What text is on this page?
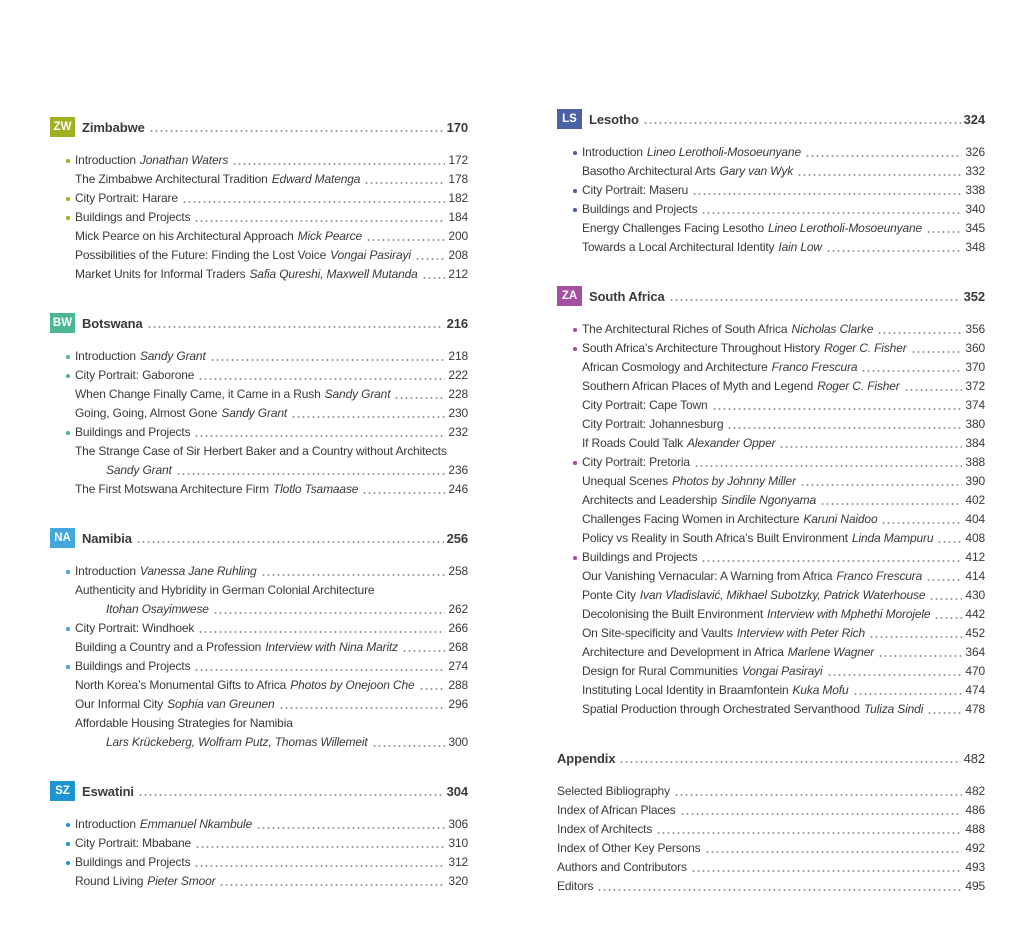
ZW Zimbabwe	170
Introduction Jonathan Waters	172
The Zimbabwe Architectural Tradition Edward Matenga	178
City Portrait: Harare	182
Buildings and Projects	184
Mick Pearce on his Architectural Approach Mick Pearce	200
Possibilities of the Future: Finding the Lost Voice Vongai Pasirayi	208
Market Units for Informal Traders Safia Qureshi, Maxwell Mutanda	212
BW Botswana	216
Introduction Sandy Grant	218
City Portrait: Gaborone	222
When Change Finally Came, it Came in a Rush Sandy Grant	228
Going, Going, Almost Gone Sandy Grant	230
Buildings and Projects	232
The Strange Case of Sir Herbert Baker and a Country without Architects
Sandy Grant	236
The First Motswana Architecture Firm Tlotlo Tsamaase	246
NA Namibia	256
Introduction Vanessa Jane Ruhling	258
Authenticity and Hybridity in German Colonial Architecture
Itohan Osayimwese	262
City Portrait: Windhoek	266
Building a Country and a Profession Interview with Nina Maritz	268
Buildings and Projects	274
North Korea’s Monumental Gifts to Africa Photos by Onejoon Che	288
Our Informal City Sophia van Greunen	296
Affordable Housing Strategies for Namibia
Lars Krückeberg, Wolfram Putz, Thomas Willemeit	300
SZ Eswatini	304
Introduction Emmanuel Nkambule	306
City Portrait: Mbabane	310
Buildings and Projects	312
Round Living Pieter Smoor	320
LS Lesotho	324
Introduction Lineo Lerotholi-Mosoeunyane	326
Basotho Architectural Arts Gary van Wyk	332
City Portrait: Maseru	338
Buildings and Projects	340
Energy Challenges Facing Lesotho Lineo Lerotholi-Mosoeunyane	345
Towards a Local Architectural Identity Iain Low	348
ZA South Africa	352
The Architectural Riches of South Africa Nicholas Clarke	356
South Africa’s Architecture Throughout History Roger C. Fisher	360
African Cosmology and Architecture Franco Frescura	370
Southern African Places of Myth and Legend Roger C. Fisher	372
City Portrait: Cape Town	374
City Portrait: Johannesburg	380
If Roads Could Talk Alexander Opper	384
City Portrait: Pretoria	388
Unequal Scenes Photos by Johnny Miller	390
Architects and Leadership Sindile Ngonyama	402
Challenges Facing Women in Architecture Karuni Naidoo	404
Policy vs Reality in South Africa’s Built Environment Linda Mampuru	408
Buildings and Projects	412
Our Vanishing Vernacular: A Warning from Africa Franco Frescura	414
Ponte City Ivan Vladislavić, Mikhael Subotzky, Patrick Waterhouse	430
Decolonising the Built Environment Interview with Mphethi Morojele	442
On Site-specificity and Vaults Interview with Peter Rich	452
Architecture and Development in Africa Marlene Wagner	364
Design for Rural Communities Vongai Pasirayi	470
Instituting Local Identity in Braamfontein Kuka Mofu	474
Spatial Production through Orchestrated Servanthood Tuliza Sindi	478
Appendix	482
Selected Bibliography	482
Index of African Places	486
Index of Architects	488
Index of Other Key Persons	492
Authors and Contributors	493
Editors	495
